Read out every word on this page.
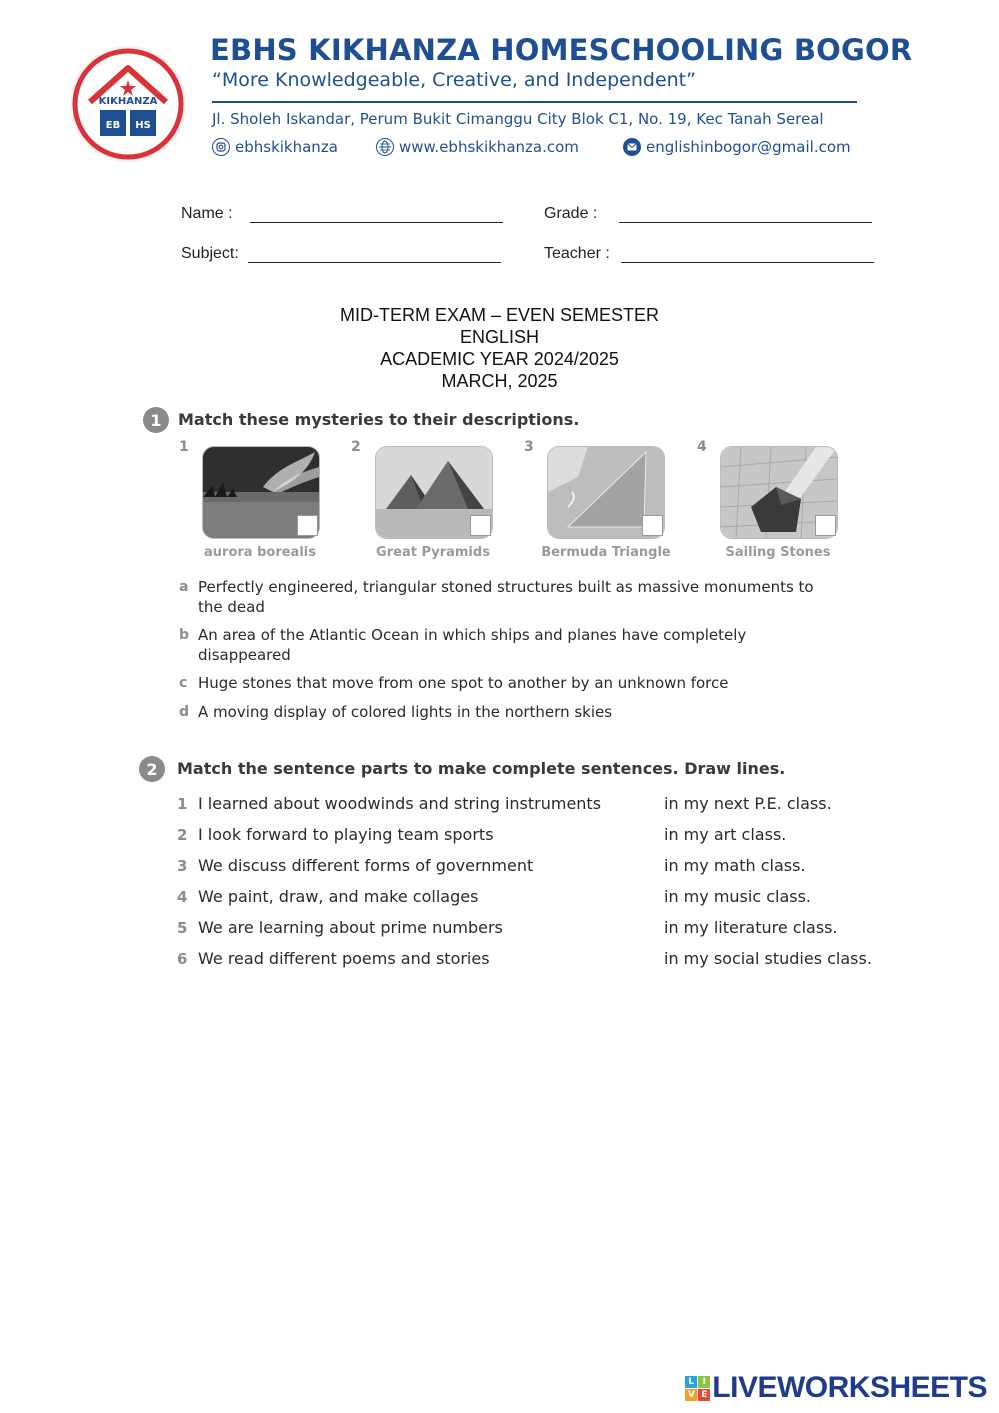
KIKHANZA
EB HS
EBHS KIKHANZA HOMESCHOOLING BOGOR
“More Knowledgeable, Creative, and Independent”
Jl. Sholeh Iskandar, Perum Bukit Cimanggu City Blok C1, No. 19, Kec Tanah Sereal
ebhskikhanza	www.ebhskikhanza.com	englishinbogor@gmail.com
Name :	Grade :
Subject:	Teacher :
MID-TERM EXAM – EVEN SEMESTER
ENGLISH
ACADEMIC YEAR 2024/2025
MARCH, 2025
1	Match these mysteries to their descriptions.
1
aurora borealis
2
Great Pyramids
3
Bermuda Triangle
4
Sailing Stones
a Perfectly engineered, triangular stoned structures built as massive monuments to the dead
b An area of the Atlantic Ocean in which ships and planes have completely disappeared
c Huge stones that move from one spot to another by an unknown force
d A moving display of colored lights in the northern skies
2	Match the sentence parts to make complete sentences. Draw lines.
1 I learned about woodwinds and string instruments	in my next P.E. class.
2 I look forward to playing team sports	in my art class.
3 We discuss different forms of government	in my math class.
4 We paint, draw, and make collages	in my music class.
5 We are learning about prime numbers	in my literature class.
6 We read different poems and stories	in my social studies class.
L I
V E LIVEWORKSHEETS
